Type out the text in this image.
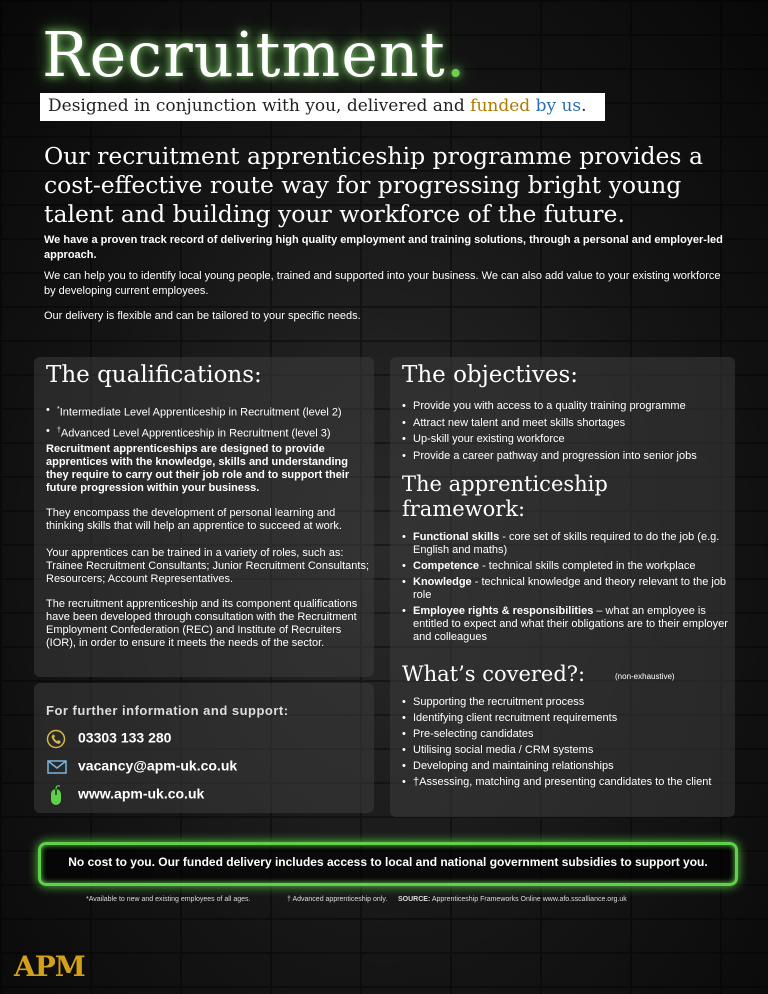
Recruitment.
Designed in conjunction with you, delivered and funded by us.
Our recruitment apprenticeship programme provides a cost-effective route way for progressing bright young talent and building your workforce of the future.
We have a proven track record of delivering high quality employment and training solutions, through a personal and employer-led approach.
We can help you to identify local young people, trained and supported into your business. We can also add value to your existing workforce by developing current employees.
Our delivery is flexible and can be tailored to your specific needs.
The qualifications:
• *Intermediate Level Apprenticeship in Recruitment (level 2)
• †Advanced Level Apprenticeship in Recruitment (level 3)
Recruitment apprenticeships are designed to provide apprentices with the knowledge, skills and understanding they require to carry out their job role and to support their future progression within your business.
They encompass the development of personal learning and thinking skills that will help an apprentice to succeed at work.
Your apprentices can be trained in a variety of roles, such as: Trainee Recruitment Consultants; Junior Recruitment Consultants; Resourcers; Account Representatives.
The recruitment apprenticeship and its component qualifications have been developed through consultation with the Recruitment Employment Confederation (REC) and Institute of Recruiters (IOR), in order to ensure it meets the needs of the sector.
The objectives:
• Provide you with access to a quality training programme
• Attract new talent and meet skills shortages
• Up-skill your existing workforce
• Provide a career pathway and progression into senior jobs
The apprenticeship framework:
• Functional skills - core set of skills required to do the job (e.g. English and maths)
• Competence - technical skills completed in the workplace
• Knowledge - technical knowledge and theory relevant to the job role
• Employee rights & responsibilities – what an employee is entitled to expect and what their obligations are to their employer and colleagues
What’s covered?:	(non-exhaustive)
• Supporting the recruitment process
• Identifying client recruitment requirements
• Pre-selecting candidates
• Utilising social media / CRM systems
• Developing and maintaining relationships
• †Assessing, matching and presenting candidates to the client
For further information and support:
03303 133 280
vacancy@apm-uk.co.uk
www.apm-uk.co.uk
No cost to you. Our funded delivery includes access to local and national government subsidies to support you.
*Available to new and existing employees of all ages.	† Advanced apprenticeship only. SOURCE: Apprenticeship Frameworks Online www.afo.sscalliance.org.uk
APM
